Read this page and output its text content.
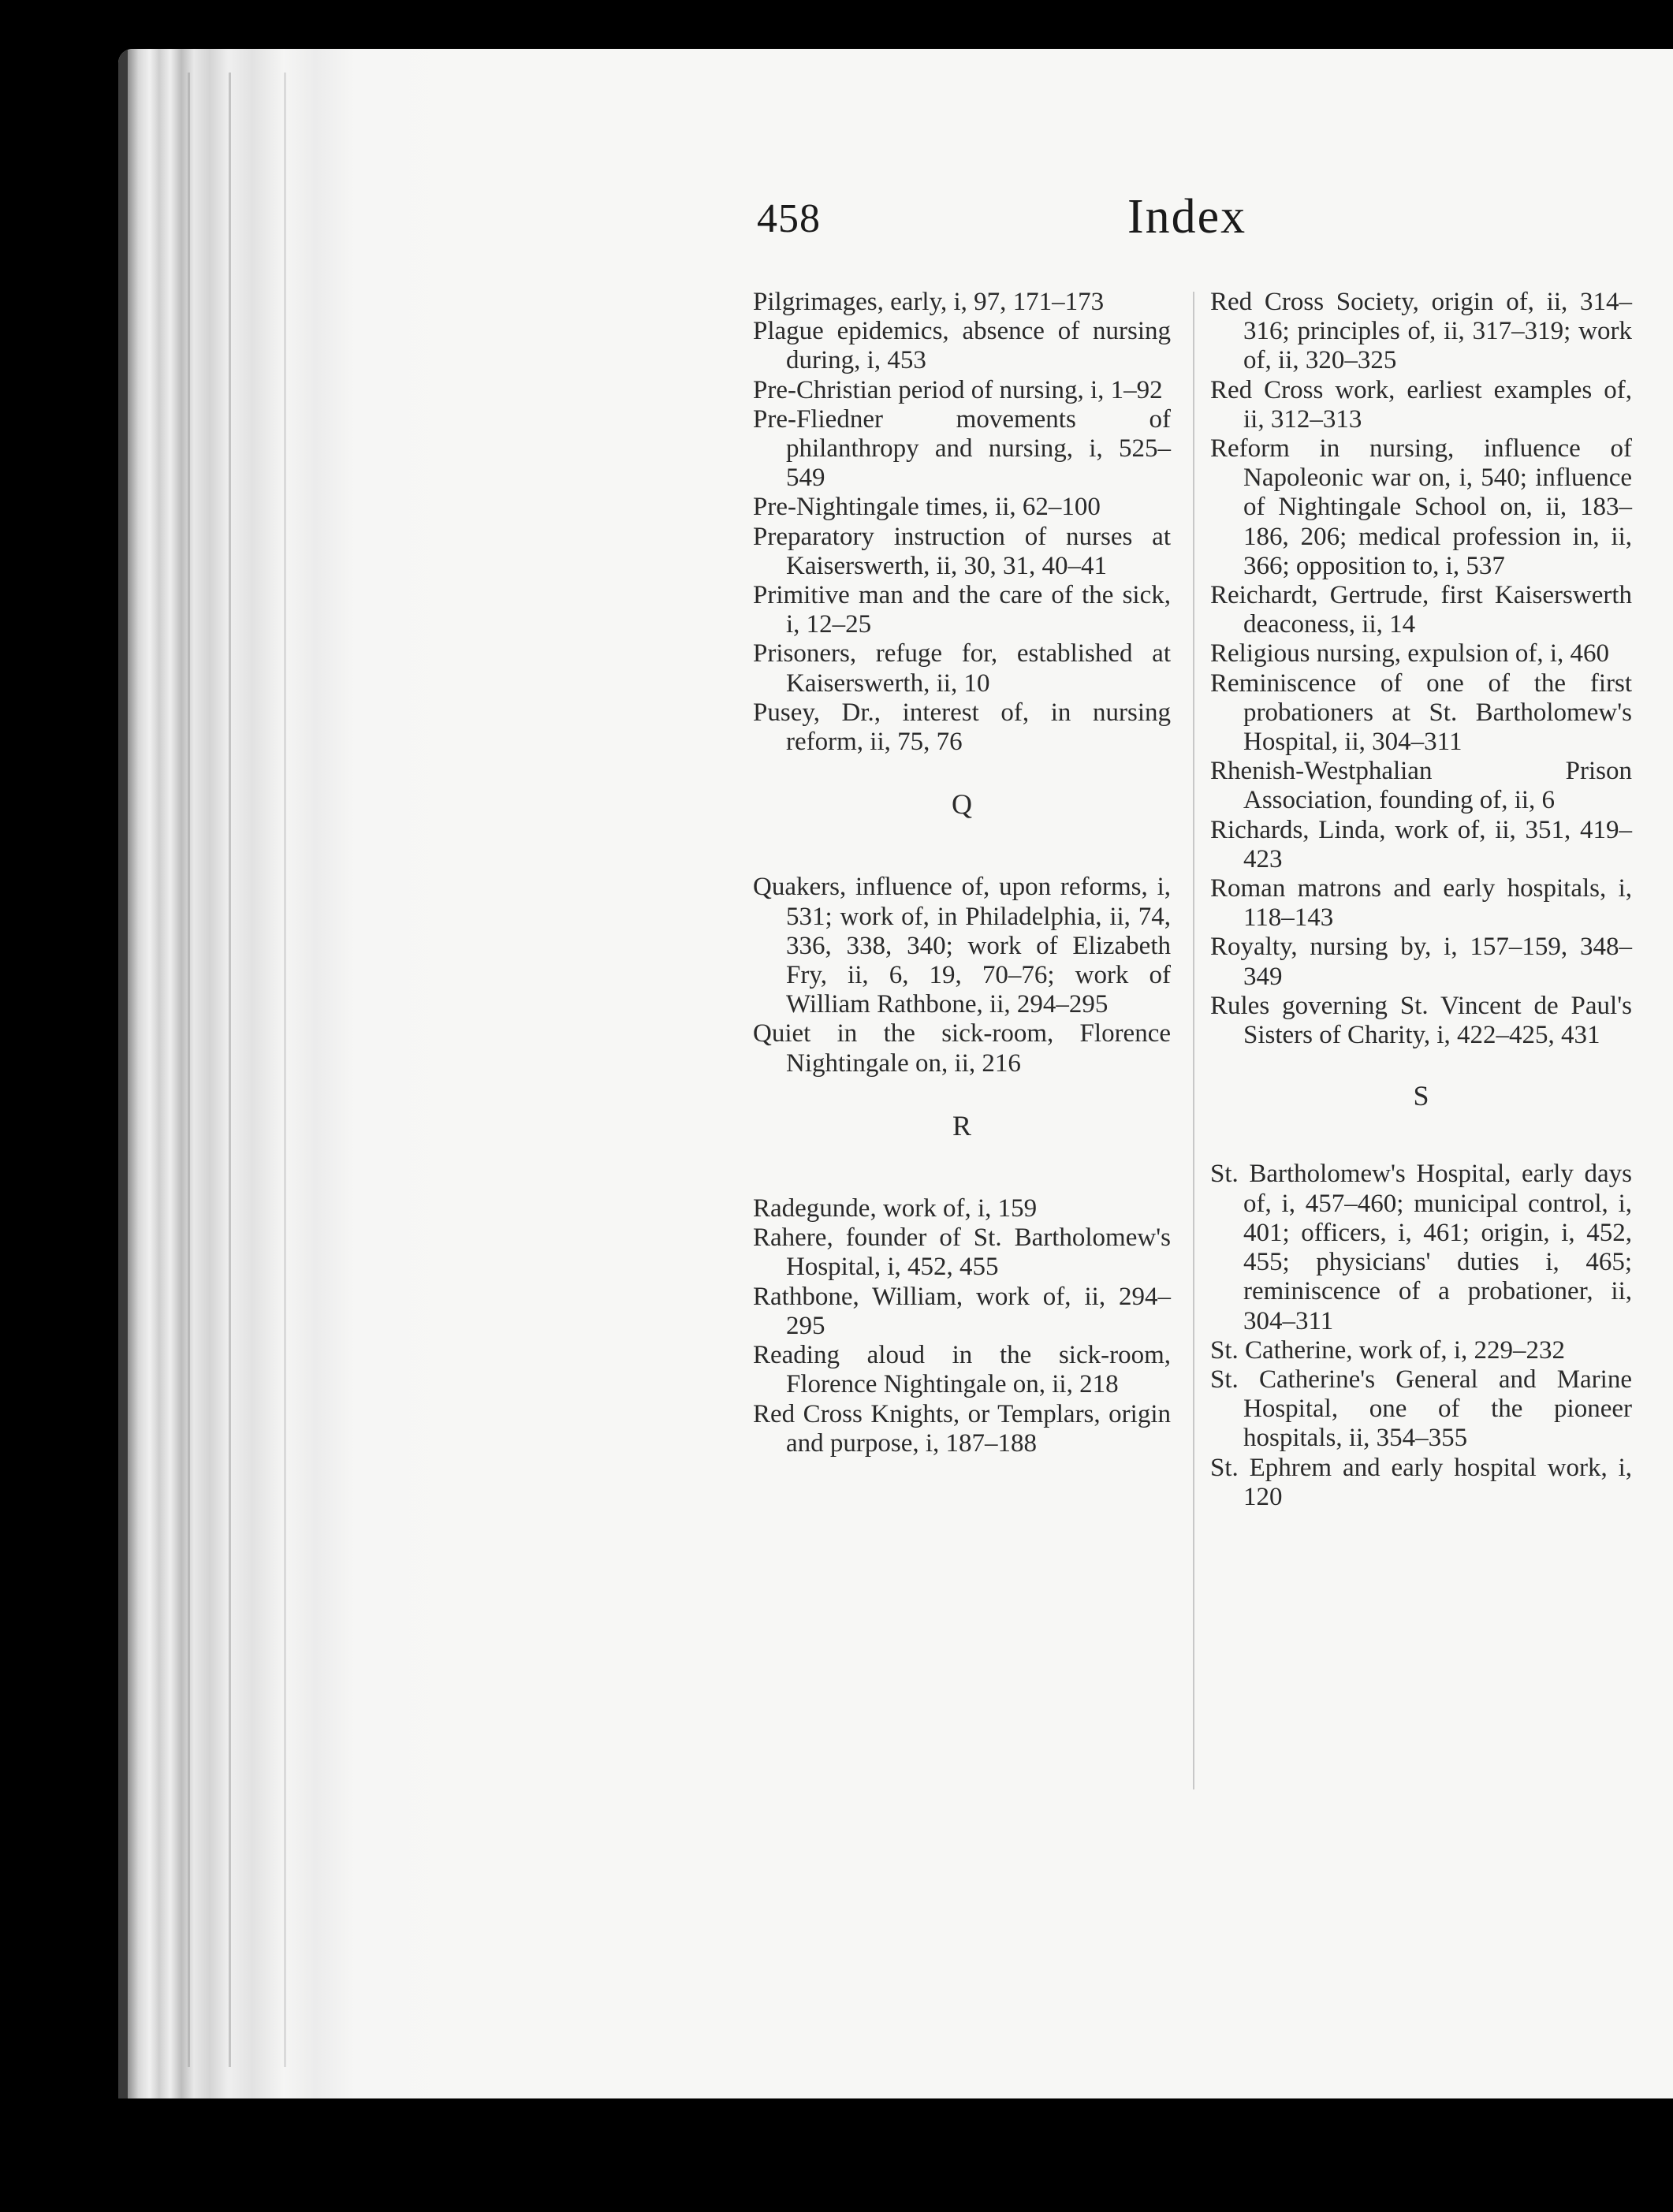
458	Index

Pilgrimages, early, i, 97, 171–173

Plague epidemics, absence of nursing during, i, 453

Pre-Christian period of nursing, i, 1–92

Pre-Fliedner movements of philanthropy and nursing, i, 525–549

Pre-Nightingale times, ii, 62–100

Preparatory instruction of nurses at Kaiserswerth, ii, 30, 31, 40–41

Primitive man and the care of the sick, i, 12–25

Prisoners, refuge for, established at Kaiserswerth, ii, 10

Pusey, Dr., interest of, in nursing reform, ii, 75, 76

Q

Quakers, influence of, upon reforms, i, 531; work of, in Philadelphia, ii, 74, 336, 338, 340; work of Elizabeth Fry, ii, 6, 19, 70–76; work of William Rathbone, ii, 294–295

Quiet in the sick-room, Florence Nightingale on, ii, 216

R

Radegunde, work of, i, 159

Rahere, founder of St. Bartholomew's Hospital, i, 452, 455

Rathbone, William, work of, ii, 294–295

Reading aloud in the sick-room, Florence Nightingale on, ii, 218

Red Cross Knights, or Templars, origin and purpose, i, 187–188

Red Cross Society, origin of, ii, 314–316; principles of, ii, 317–319; work of, ii, 320–325

Red Cross work, earliest examples of, ii, 312–313

Reform in nursing, influence of Napoleonic war on, i, 540; influence of Nightingale School on, ii, 183–186, 206; medical profession in, ii, 366; opposition to, i, 537

Reichardt, Gertrude, first Kaiserswerth deaconess, ii, 14

Religious nursing, expulsion of, i, 460

Reminiscence of one of the first probationers at St. Bartholomew's Hospital, ii, 304–311

Rhenish-Westphalian Prison Association, founding of, ii, 6

Richards, Linda, work of, ii, 351, 419–423

Roman matrons and early hospitals, i, 118–143

Royalty, nursing by, i, 157–159, 348–349

Rules governing St. Vincent de Paul's Sisters of Charity, i, 422–425, 431

S

St. Bartholomew's Hospital, early days of, i, 457–460; municipal control, i, 401; officers, i, 461; origin, i, 452, 455; physicians' duties i, 465; reminiscence of a probationer, ii, 304–311

St. Catherine, work of, i, 229–232

St. Catherine's General and Marine Hospital, one of the pioneer hospitals, ii, 354–355

St. Ephrem and early hospital work, i, 120
